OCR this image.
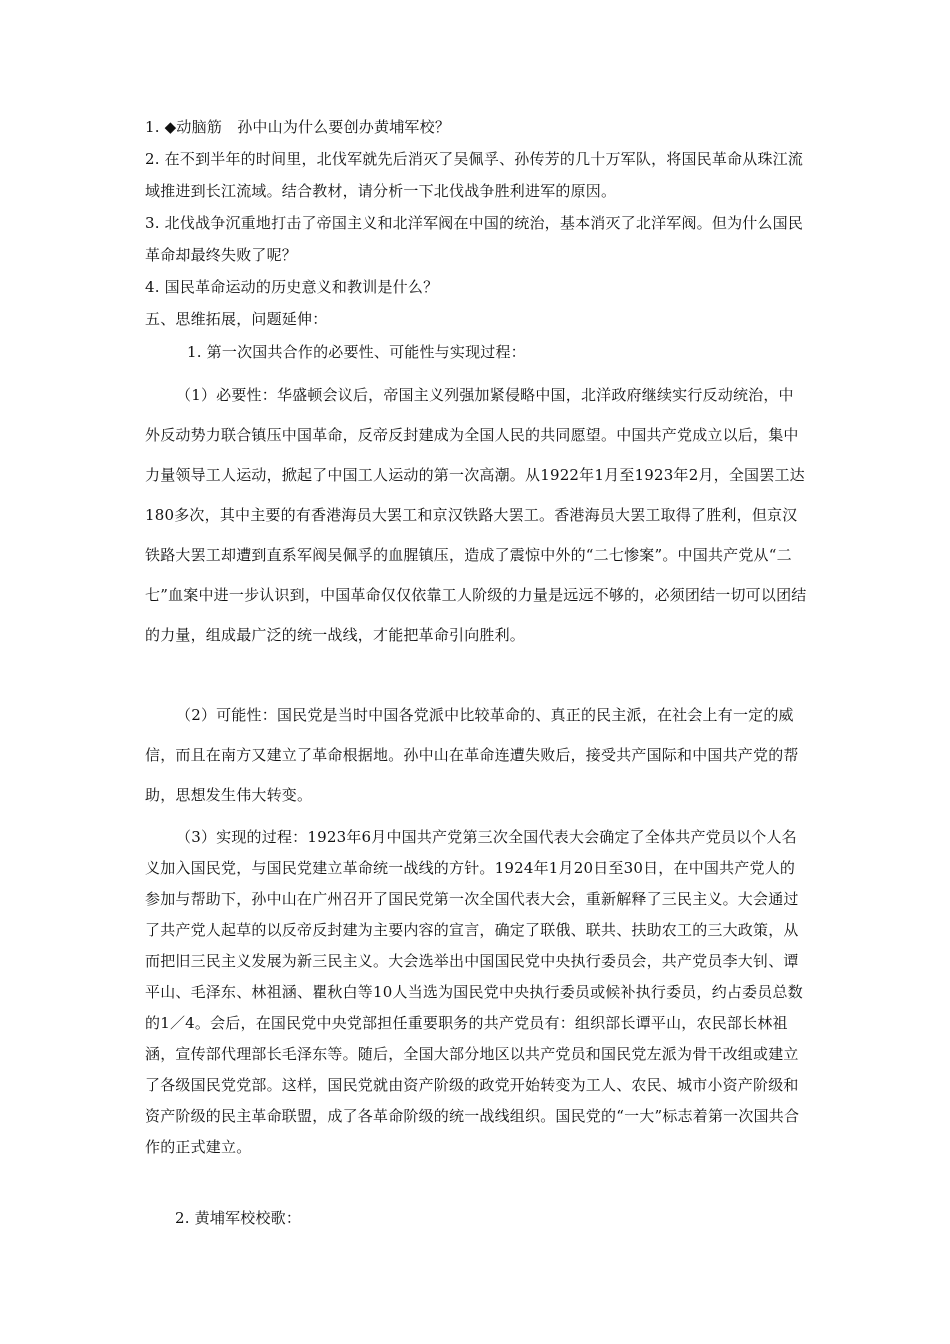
1. ◆动脑筋　孙中山为什么要创办黄埔军校？

2. 在不到半年的时间里，北伐军就先后消灭了吴佩孚、孙传芳的几十万军队，将国民革命从珠江流域推进到长江流域。结合教材，请分析一下北伐战争胜利进军的原因。

3. 北伐战争沉重地打击了帝国主义和北洋军阀在中国的统治，基本消灭了北洋军阀。但为什么国民革命却最终失败了呢？

4. 国民革命运动的历史意义和教训是什么？

五、思维拓展，问题延伸：

1. 第一次国共合作的必要性、可能性与实现过程：

（1）必要性：华盛顿会议后，帝国主义列强加紧侵略中国，北洋政府继续实行反动统治，中外反动势力联合镇压中国革命，反帝反封建成为全国人民的共同愿望。中国共产党成立以后，集中力量领导工人运动，掀起了中国工人运动的第一次高潮。从1922年1月至1923年2月，全国罢工达180多次，其中主要的有香港海员大罢工和京汉铁路大罢工。香港海员大罢工取得了胜利，但京汉铁路大罢工却遭到直系军阀吴佩孚的血腥镇压，造成了震惊中外的“二七惨案”。中国共产党从“二七”血案中进一步认识到，中国革命仅仅依靠工人阶级的力量是远远不够的，必须团结一切可以团结的力量，组成最广泛的统一战线，才能把革命引向胜利。

（2）可能性：国民党是当时中国各党派中比较革命的、真正的民主派，在社会上有一定的威信，而且在南方又建立了革命根据地。孙中山在革命连遭失败后，接受共产国际和中国共产党的帮助，思想发生伟大转变。

（3）实现的过程：1923年6月中国共产党第三次全国代表大会确定了全体共产党员以个人名义加入国民党，与国民党建立革命统一战线的方针。1924年1月20日至30日，在中国共产党人的参加与帮助下，孙中山在广州召开了国民党第一次全国代表大会，重新解释了三民主义。大会通过了共产党人起草的以反帝反封建为主要内容的宣言，确定了联俄、联共、扶助农工的三大政策，从而把旧三民主义发展为新三民主义。大会选举出中国国民党中央执行委员会，共产党员李大钊、谭平山、毛泽东、林祖涵、瞿秋白等10人当选为国民党中央执行委员或候补执行委员，约占委员总数的1／4。会后，在国民党中央党部担任重要职务的共产党员有：组织部长谭平山，农民部长林祖涵，宣传部代理部长毛泽东等。随后，全国大部分地区以共产党员和国民党左派为骨干改组或建立了各级国民党党部。这样，国民党就由资产阶级的政党开始转变为工人、农民、城市小资产阶级和资产阶级的民主革命联盟，成了各革命阶级的统一战线组织。国民党的“一大”标志着第一次国共合作的正式建立。

2. 黄埔军校校歌：
